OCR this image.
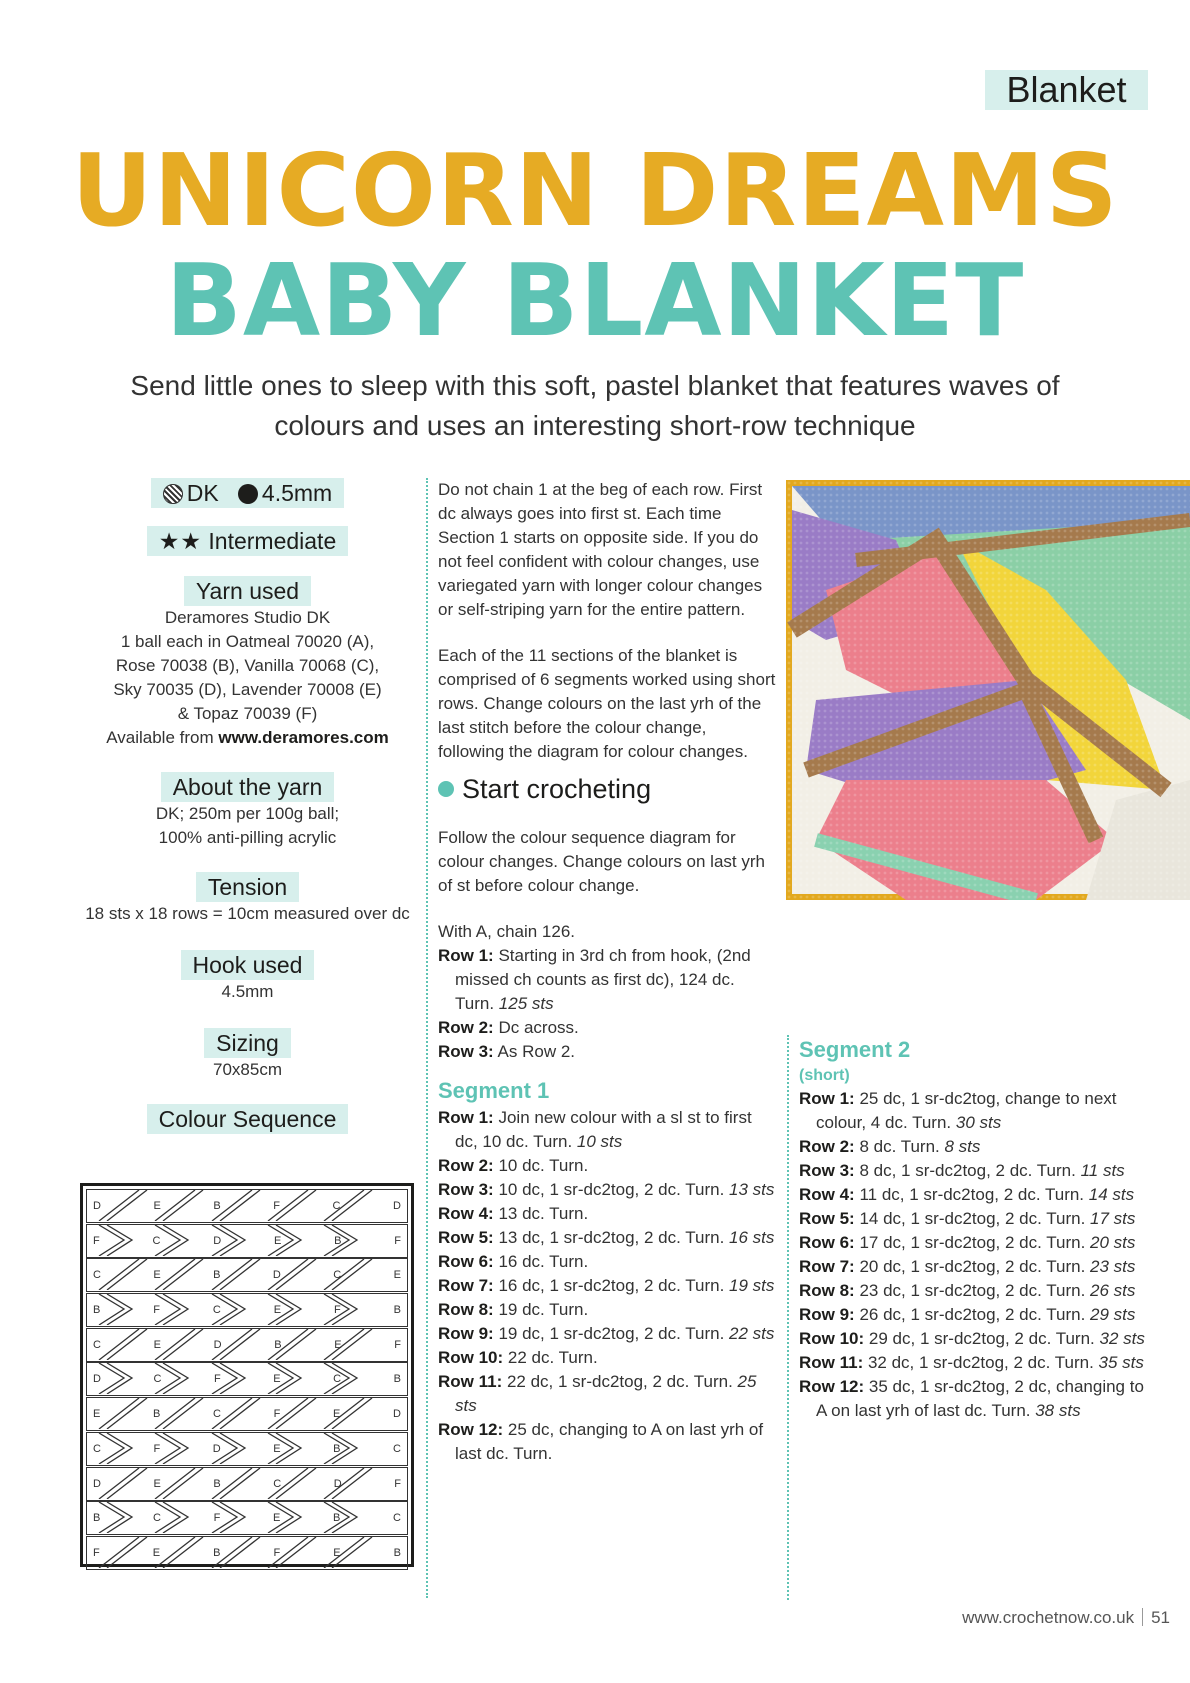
Blanket
UNICORN DREAMS
BABY BLANKET
Send little ones to sleep with this soft, pastel blanket that features waves of colours and uses an interesting short-row technique
DK 4.5mm
★★ Intermediate
Yarn used
Deramores Studio DK
1 ball each in Oatmeal 70020 (A),
Rose 70038 (B), Vanilla 70068 (C),
Sky 70035 (D), Lavender 70008 (E)
& Topaz 70039 (F)
Available from www.deramores.com
About the yarn
DK; 250m per 100g ball;
100% anti-pilling acrylic
Tension
18 sts x 18 rows = 10cm measured over dc
Hook used
4.5mm
Sizing
70x85cm
Colour Sequence
D	E	B	F	C	D
F	C	D	E	B	F
C	E	B	D	C	E
B	F	C	E	F	B
C	E	D	B	E	F
D	C	F	E	C	B
E	B	C	F	E	D
C	F	D	E	B	C
D	E	B	C	D	F
B	C	F	E	B	C
F	E	B	F	E	B
Do not chain 1 at the beg of each row. First dc always goes into first st. Each time Section 1 starts on opposite side. If you do not feel confident with colour changes, use variegated yarn with longer colour changes or self-striping yarn for the entire pattern.
Each of the 11 sections of the blanket is comprised of 6 segments worked using short rows. Change colours on the last yrh of the last stitch before the colour change, following the diagram for colour changes.
Start crocheting
Follow the colour sequence diagram for colour changes. Change colours on last yrh of st before colour change.
With A, chain 126.
Row 1: Starting in 3rd ch from hook, (2nd missed ch counts as first dc), 124 dc. Turn. 125 sts
Row 2: Dc across.
Row 3: As Row 2.
Segment 1
Row 1: Join new colour with a sl st to first dc, 10 dc. Turn. 10 sts
Row 2: 10 dc. Turn.
Row 3: 10 dc, 1 sr-dc2tog, 2 dc. Turn. 13 sts
Row 4: 13 dc. Turn.
Row 5: 13 dc, 1 sr-dc2tog, 2 dc. Turn. 16 sts
Row 6: 16 dc. Turn.
Row 7: 16 dc, 1 sr-dc2tog, 2 dc. Turn. 19 sts
Row 8: 19 dc. Turn.
Row 9: 19 dc, 1 sr-dc2tog, 2 dc. Turn. 22 sts
Row 10: 22 dc. Turn.
Row 11: 22 dc, 1 sr-dc2tog, 2 dc. Turn. 25 sts
Row 12: 25 dc, changing to A on last yrh of last dc. Turn.
Segment 2
(short)
Row 1: 25 dc, 1 sr-dc2tog, change to next colour, 4 dc. Turn. 30 sts
Row 2: 8 dc. Turn. 8 sts
Row 3: 8 dc, 1 sr-dc2tog, 2 dc. Turn. 11 sts
Row 4: 11 dc, 1 sr-dc2tog, 2 dc. Turn. 14 sts
Row 5: 14 dc, 1 sr-dc2tog, 2 dc. Turn. 17 sts
Row 6: 17 dc, 1 sr-dc2tog, 2 dc. Turn. 20 sts
Row 7: 20 dc, 1 sr-dc2tog, 2 dc. Turn. 23 sts
Row 8: 23 dc, 1 sr-dc2tog, 2 dc. Turn. 26 sts
Row 9: 26 dc, 1 sr-dc2tog, 2 dc. Turn. 29 sts
Row 10: 29 dc, 1 sr-dc2tog, 2 dc. Turn. 32 sts
Row 11: 32 dc, 1 sr-dc2tog, 2 dc. Turn. 35 sts
Row 12: 35 dc, 1 sr-dc2tog, 2 dc, changing to A on last yrh of last dc. Turn. 38 sts
www.crochetnow.co.uk 51
